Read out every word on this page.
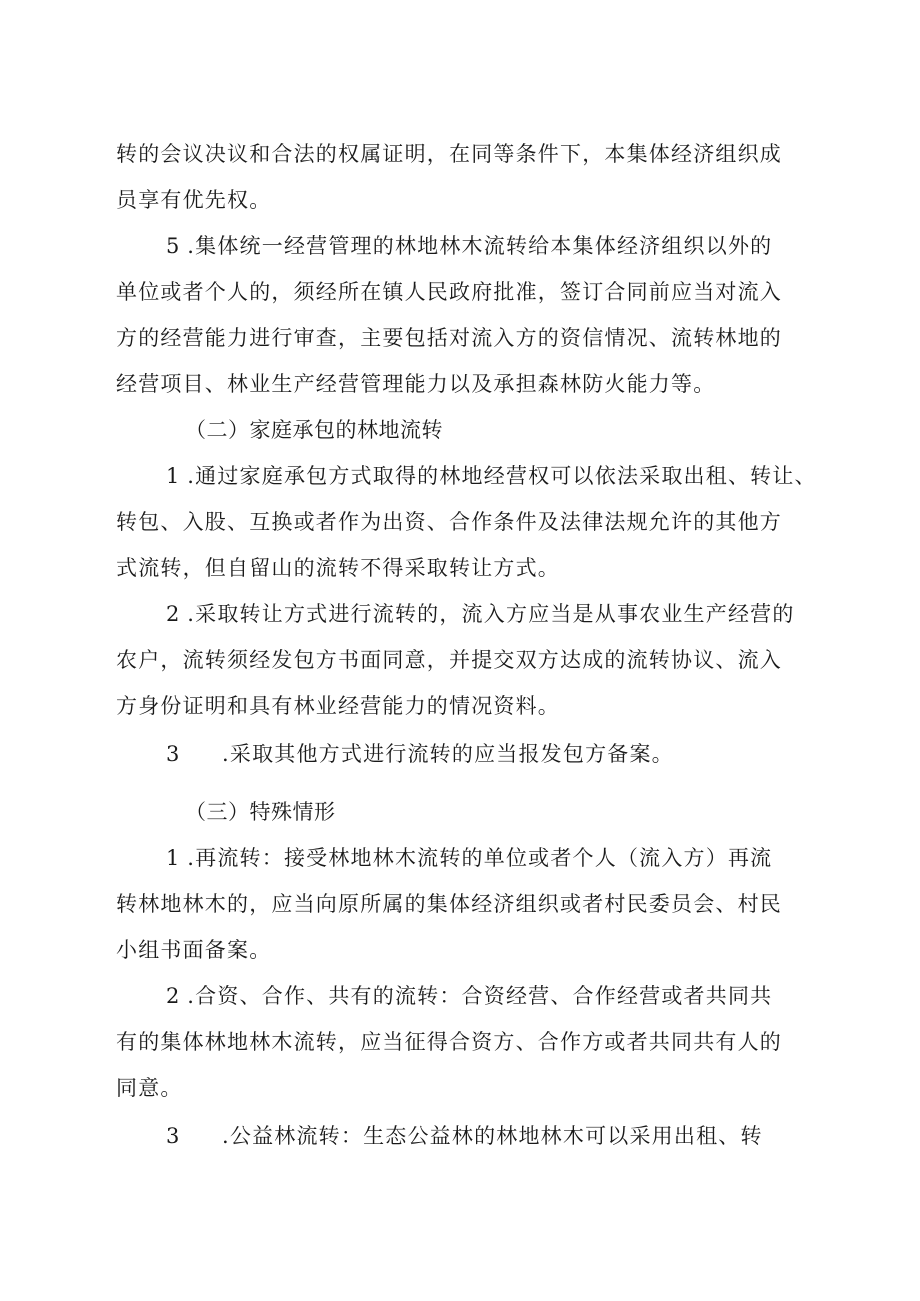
转的会议决议和合法的权属证明，在同等条件下，本集体经济组织成
员享有优先权。
5 .集体统一经营管理的林地林木流转给本集体经济组织以外的
单位或者个人的，须经所在镇人民政府批准，签订合同前应当对流入
方的经营能力进行审查，主要包括对流入方的资信情况、流转林地的
经营项目、林业生产经营管理能力以及承担森林防火能力等。
（二）家庭承包的林地流转
1 .通过家庭承包方式取得的林地经营权可以依法采取出租、转让、
转包、入股、互换或者作为出资、合作条件及法律法规允许的其他方
式流转，但自留山的流转不得采取转让方式。
2 .采取转让方式进行流转的，流入方应当是从事农业生产经营的
农户，流转须经发包方书面同意，并提交双方达成的流转协议、流入
方身份证明和具有林业经营能力的情况资料。
3 .采取其他方式进行流转的应当报发包方备案。
（三）特殊情形
1 .再流转：接受林地林木流转的单位或者个人（流入方）再流
转林地林木的，应当向原所属的集体经济组织或者村民委员会、村民
小组书面备案。
2 .合资、合作、共有的流转：合资经营、合作经营或者共同共
有的集体林地林木流转，应当征得合资方、合作方或者共同共有人的
同意。
3 .公益林流转：生态公益林的林地林木可以采用出租、转
